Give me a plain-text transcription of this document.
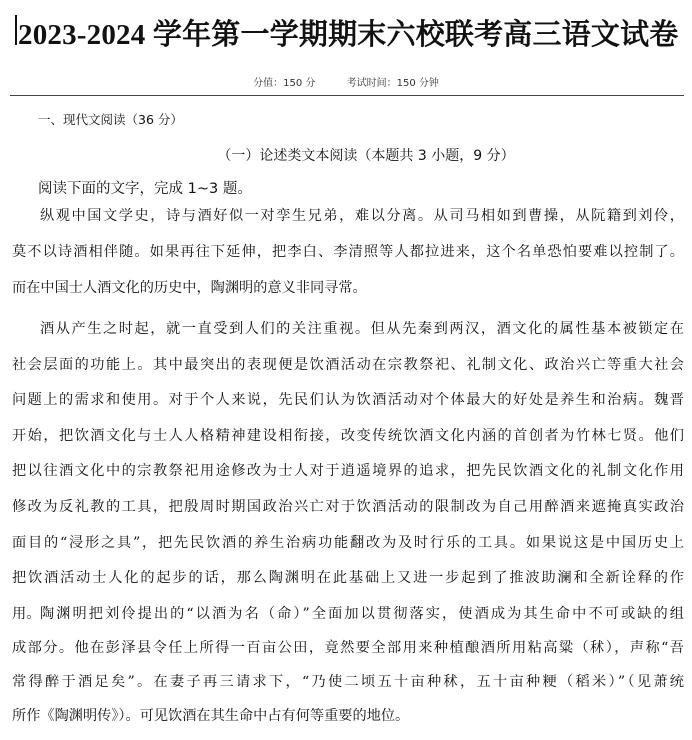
2023-2024 学年第一学期期末六校联考高三语文试卷
分值：150 分	考试时间：150 分钟
一、现代文阅读（36 分）
（一）论述类文本阅读（本题共 3 小题，9 分）
阅读下面的文字，完成 1~3 题。
纵观中国文学史，诗与酒好似一对孪生兄弟，难以分离。从司马相如到曹操，从阮籍到刘伶，
莫不以诗酒相伴随。如果再往下延伸，把李白、李清照等人都拉进来，这个名单恐怕要难以控制了。
而在中国士人酒文化的历史中，陶渊明的意义非同寻常。
酒从产生之时起，就一直受到人们的关注重视。但从先秦到两汉，酒文化的属性基本被锁定在
社会层面的功能上。其中最突出的表现便是饮酒活动在宗教祭祀、礼制文化、政治兴亡等重大社会
问题上的需求和使用。对于个人来说，先民们认为饮酒活动对个体最大的好处是养生和治病。魏晋
开始，把饮酒文化与士人人格精神建设相衔接，改变传统饮酒文化内涵的首创者为竹林七贤。他们
把以往酒文化中的宗教祭祀用途修改为士人对于逍遥境界的追求，把先民饮酒文化的礼制文化作用
修改为反礼教的工具，把殷周时期国政治兴亡对于饮酒活动的限制改为自己用醉酒来遮掩真实政治
面目的“浸形之具”，把先民饮酒的养生治病功能翻改为及时行乐的工具。如果说这是中国历史上
把饮酒活动士人化的起步的话，那么陶渊明在此基础上又进一步起到了推波助澜和全新诠释的作
用。 陶渊明把刘伶提出的“以酒为名（命）”全面加以贯彻落实，使酒成为其生命中不可或缺的组
成部分。他在彭泽县令任上所得一百亩公田，竟然要全部用来种植酿酒所用粘高粱（秫），声称“吾
常得醉于酒足矣”。在妻子再三请求下，“乃使二顷五十亩种秫，五十亩种粳（稻米）”（见萧统
所作《陶渊明传》）。可见饮酒在其生命中占有何等重要的地位。
